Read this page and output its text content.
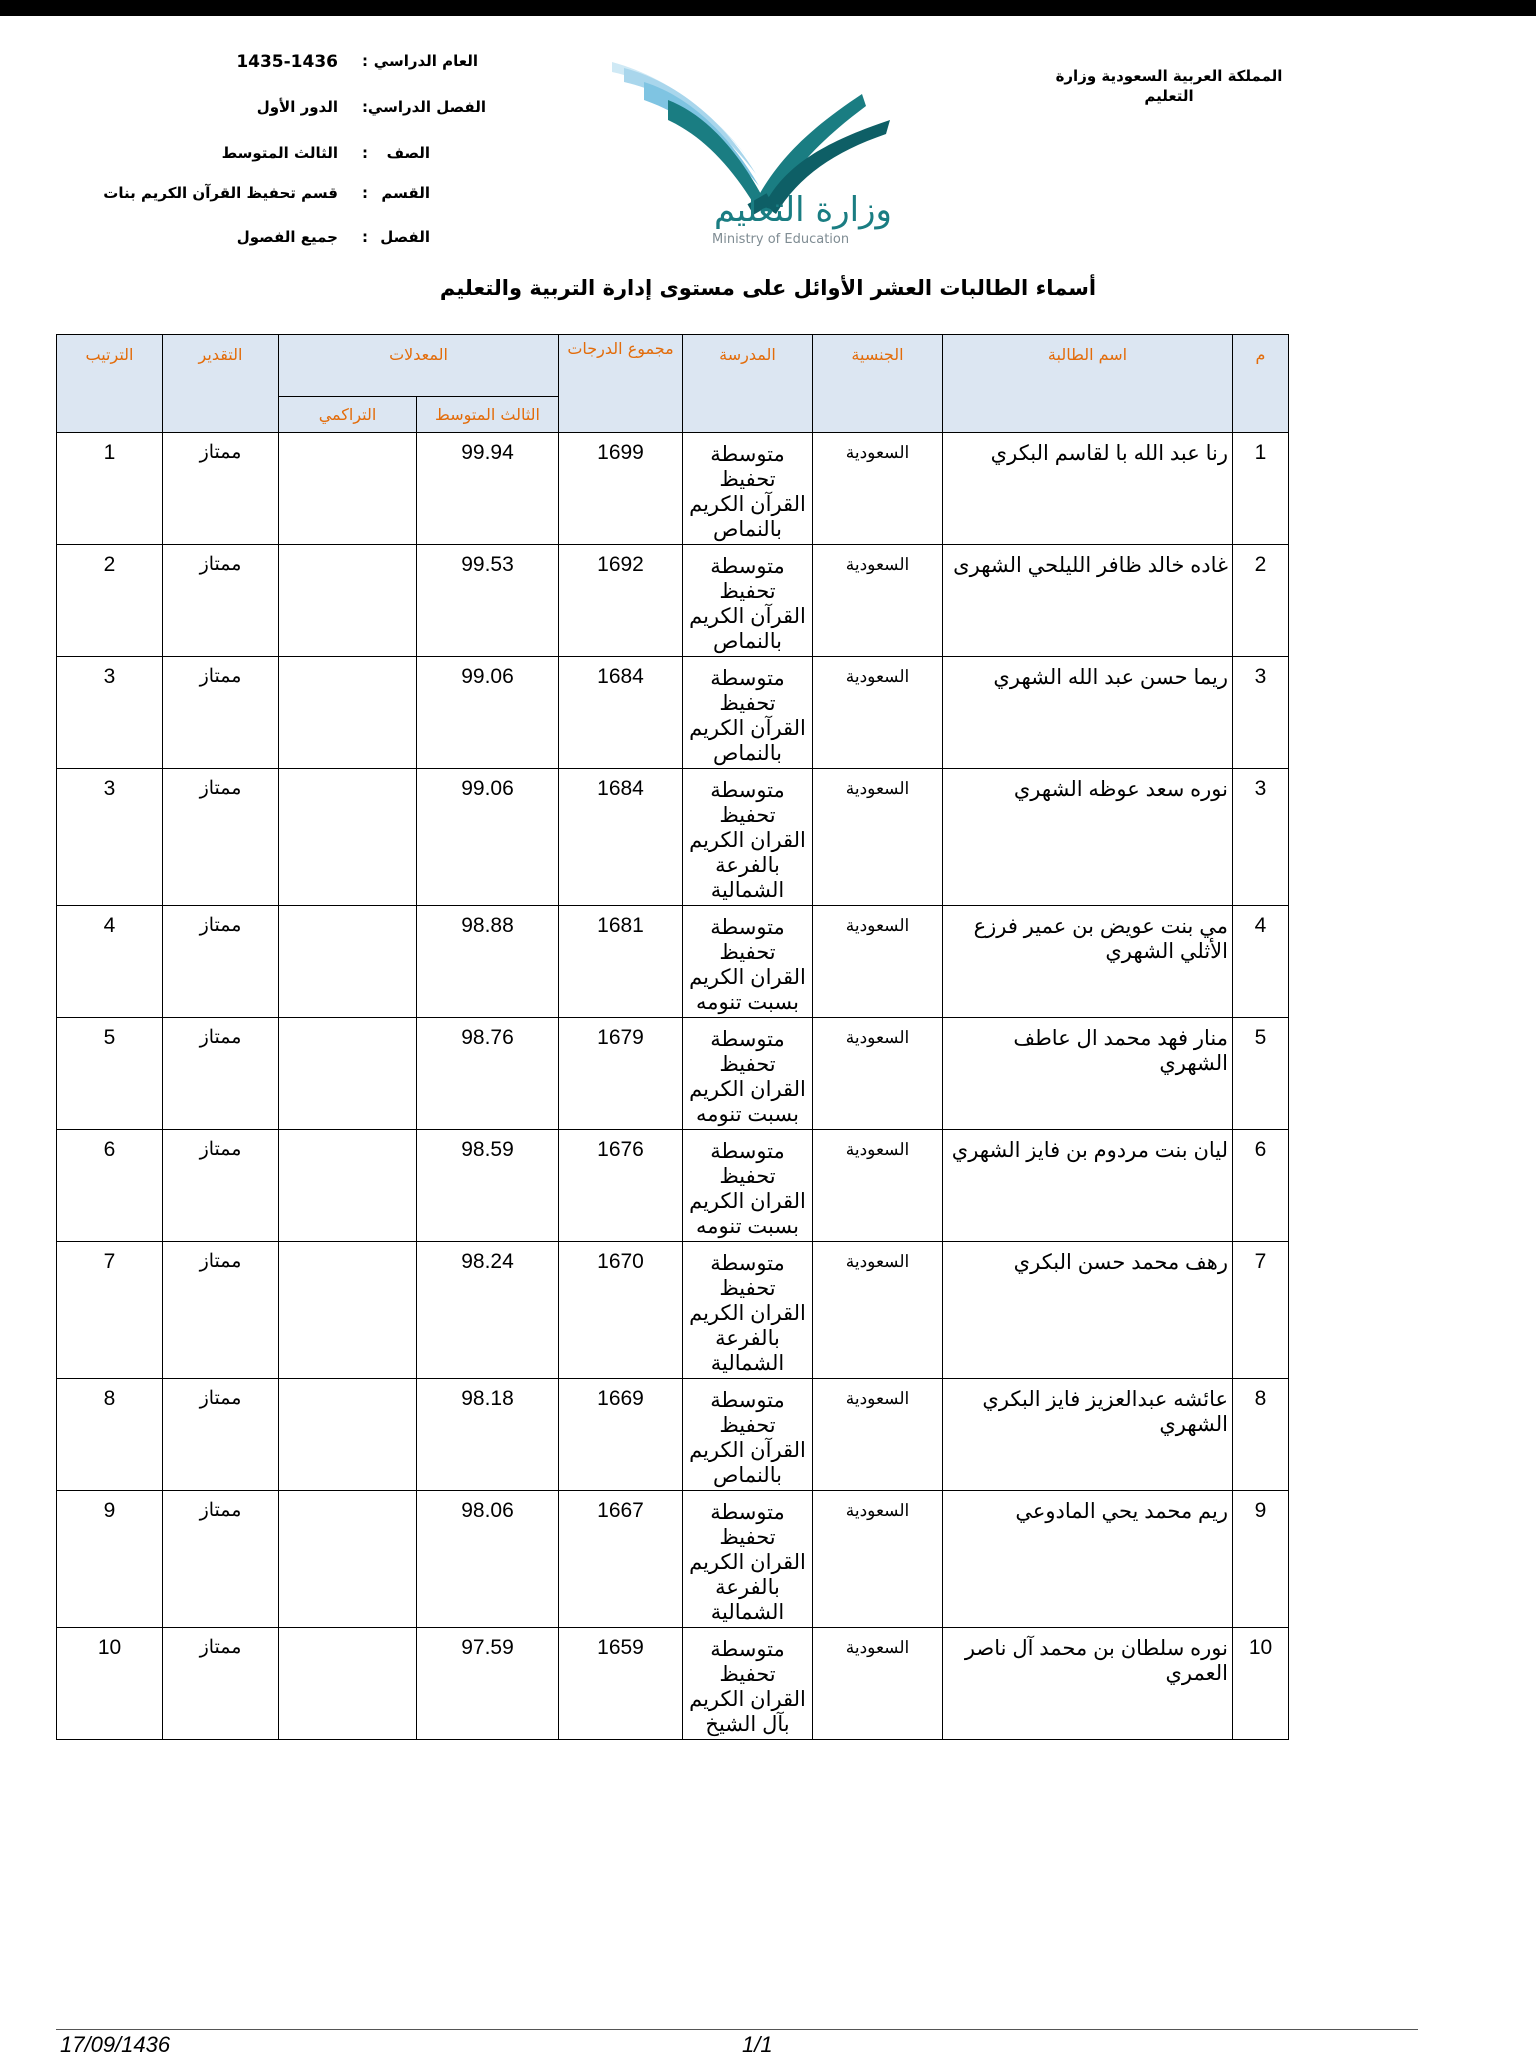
المملكة العربية السعودية وزارة التعليم
العام الدراسي
:
1435-1436
الفصل الدراسي
:
الدور الأول
الصف
:
الثالث المتوسط
القسم
:
قسم تحفيظ القرآن الكريم بنات
الفصل
:
جميع الفصول
وزارة التعليم
Ministry of Education
أسماء الطالبات العشر الأوائل على مستوى إدارة التربية والتعليم
م	اسم الطالبة	الجنسية	المدرسة	مجموع الدرجات	المعدلات		التقدير	الترتيب
					الثالث المتوسط	التراكمي		
1	رنا عبد الله با لقاسم البكري	السعودية	متوسطة تحفيظ القرآن الكريم بالنماص	1699	99.94		ممتاز	1
2	غاده خالد ظافر الليلحي الشهرى	السعودية	متوسطة تحفيظ القرآن الكريم بالنماص	1692	99.53		ممتاز	2
3	ريما حسن عبد الله الشهري	السعودية	متوسطة تحفيظ القرآن الكريم بالنماص	1684	99.06		ممتاز	3
3	نوره سعد عوظه الشهري	السعودية	متوسطة تحفيظ القران الكريم بالفرعة الشمالية	1684	99.06		ممتاز	3
4	مي بنت عويض بن عمير فرزع الأثلي الشهري	السعودية	متوسطة تحفيظ القران الكريم بسبت تنومه	1681	98.88		ممتاز	4
5	منار فهد محمد ال عاطف الشهري	السعودية	متوسطة تحفيظ القران الكريم بسبت تنومه	1679	98.76		ممتاز	5
6	ليان بنت مردوم بن فايز الشهري	السعودية	متوسطة تحفيظ القران الكريم بسبت تنومه	1676	98.59		ممتاز	6
7	رهف محمد حسن البكري	السعودية	متوسطة تحفيظ القران الكريم بالفرعة الشمالية	1670	98.24		ممتاز	7
8	عائشه عبدالعزيز فايز البكري الشهري	السعودية	متوسطة تحفيظ القرآن الكريم بالنماص	1669	98.18		ممتاز	8
9	ريم محمد يحي المادوعي	السعودية	متوسطة تحفيظ القران الكريم بالفرعة الشمالية	1667	98.06		ممتاز	9
10	نوره سلطان بن محمد آل ناصر العمري	السعودية	متوسطة تحفيظ القران الكريم بآل الشيخ	1659	97.59		ممتاز	10
17/09/1436	1/1
